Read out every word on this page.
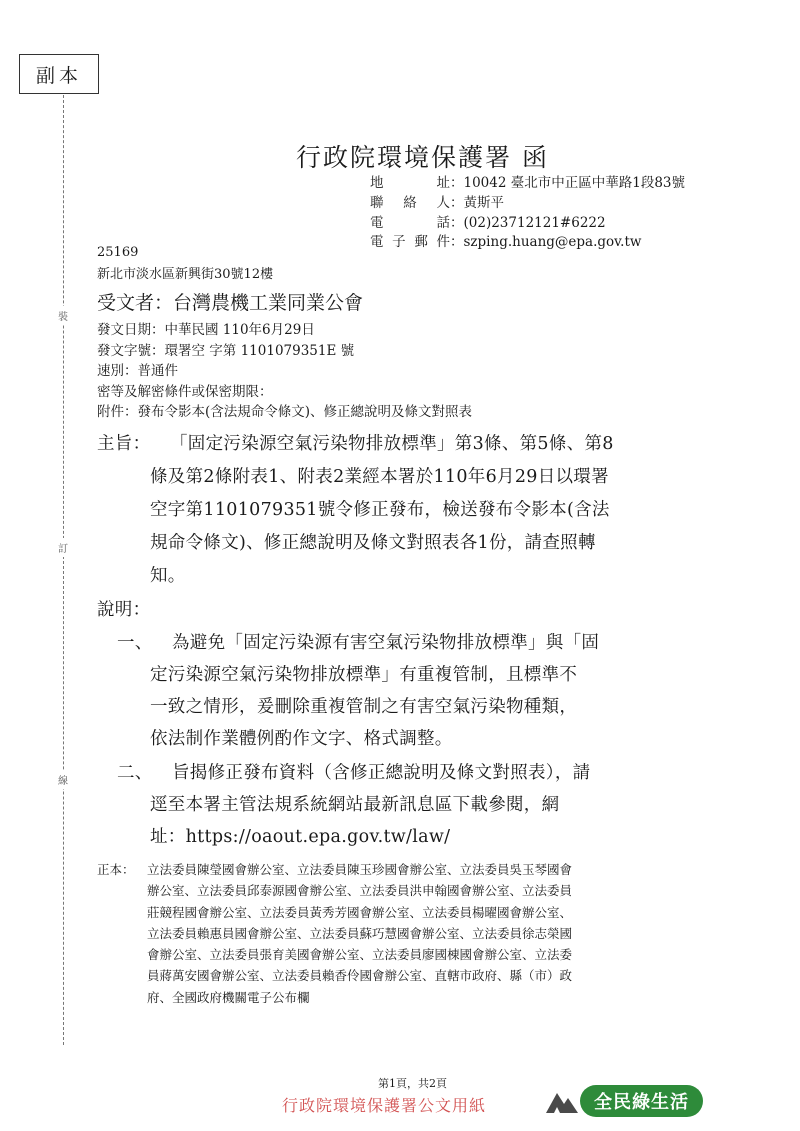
副本
裝
訂
線
行政院環境保護署 函
地　　址：10042 臺北市中正區中華路1段83號
聯 絡 人：黃斯平
電　　話：(02)23712121#6222
電子郵件：szping.huang@epa.gov.tw
25169
新北市淡水區新興街30號12樓
受文者：台灣農機工業同業公會
發文日期：中華民國 110年6月29日
發文字號：環署空 字第 1101079351E 號
速別：普通件
密等及解密條件或保密期限：
附件：發布令影本(含法規命令條文)、修正總說明及條文對照表
主旨： 「固定污染源空氣污染物排放標準」第3條、第5條、第8
條及第2條附表1、附表2業經本署於110年6月29日以環署
空字第1101079351號令修正發布，檢送發布令影本(含法
規命令條文)、修正總說明及條文對照表各1份，請查照轉
知。
說明：
一、 為避免「固定污染源有害空氣污染物排放標準」與「固
定污染源空氣污染物排放標準」有重複管制，且標準不
一致之情形，爰刪除重複管制之有害空氣污染物種類，
依法制作業體例酌作文字、格式調整。
二、 旨揭修正發布資料（含修正總說明及條文對照表），請
逕至本署主管法規系統網站最新訊息區下載參閱，網
址：https://oaout.epa.gov.tw/law/
正本： 立法委員陳瑩國會辦公室、立法委員陳玉珍國會辦公室、立法委員吳玉琴國會
辦公室、立法委員邱泰源國會辦公室、立法委員洪申翰國會辦公室、立法委員
莊競程國會辦公室、立法委員黃秀芳國會辦公室、立法委員楊曜國會辦公室、
立法委員賴惠員國會辦公室、立法委員蘇巧慧國會辦公室、立法委員徐志榮國
會辦公室、立法委員張育美國會辦公室、立法委員廖國棟國會辦公室、立法委
員蔣萬安國會辦公室、立法委員賴香伶國會辦公室、直轄市政府、縣（市）政
府、全國政府機關電子公布欄
第1頁，共2頁
行政院環境保護署公文用紙	全民綠生活
